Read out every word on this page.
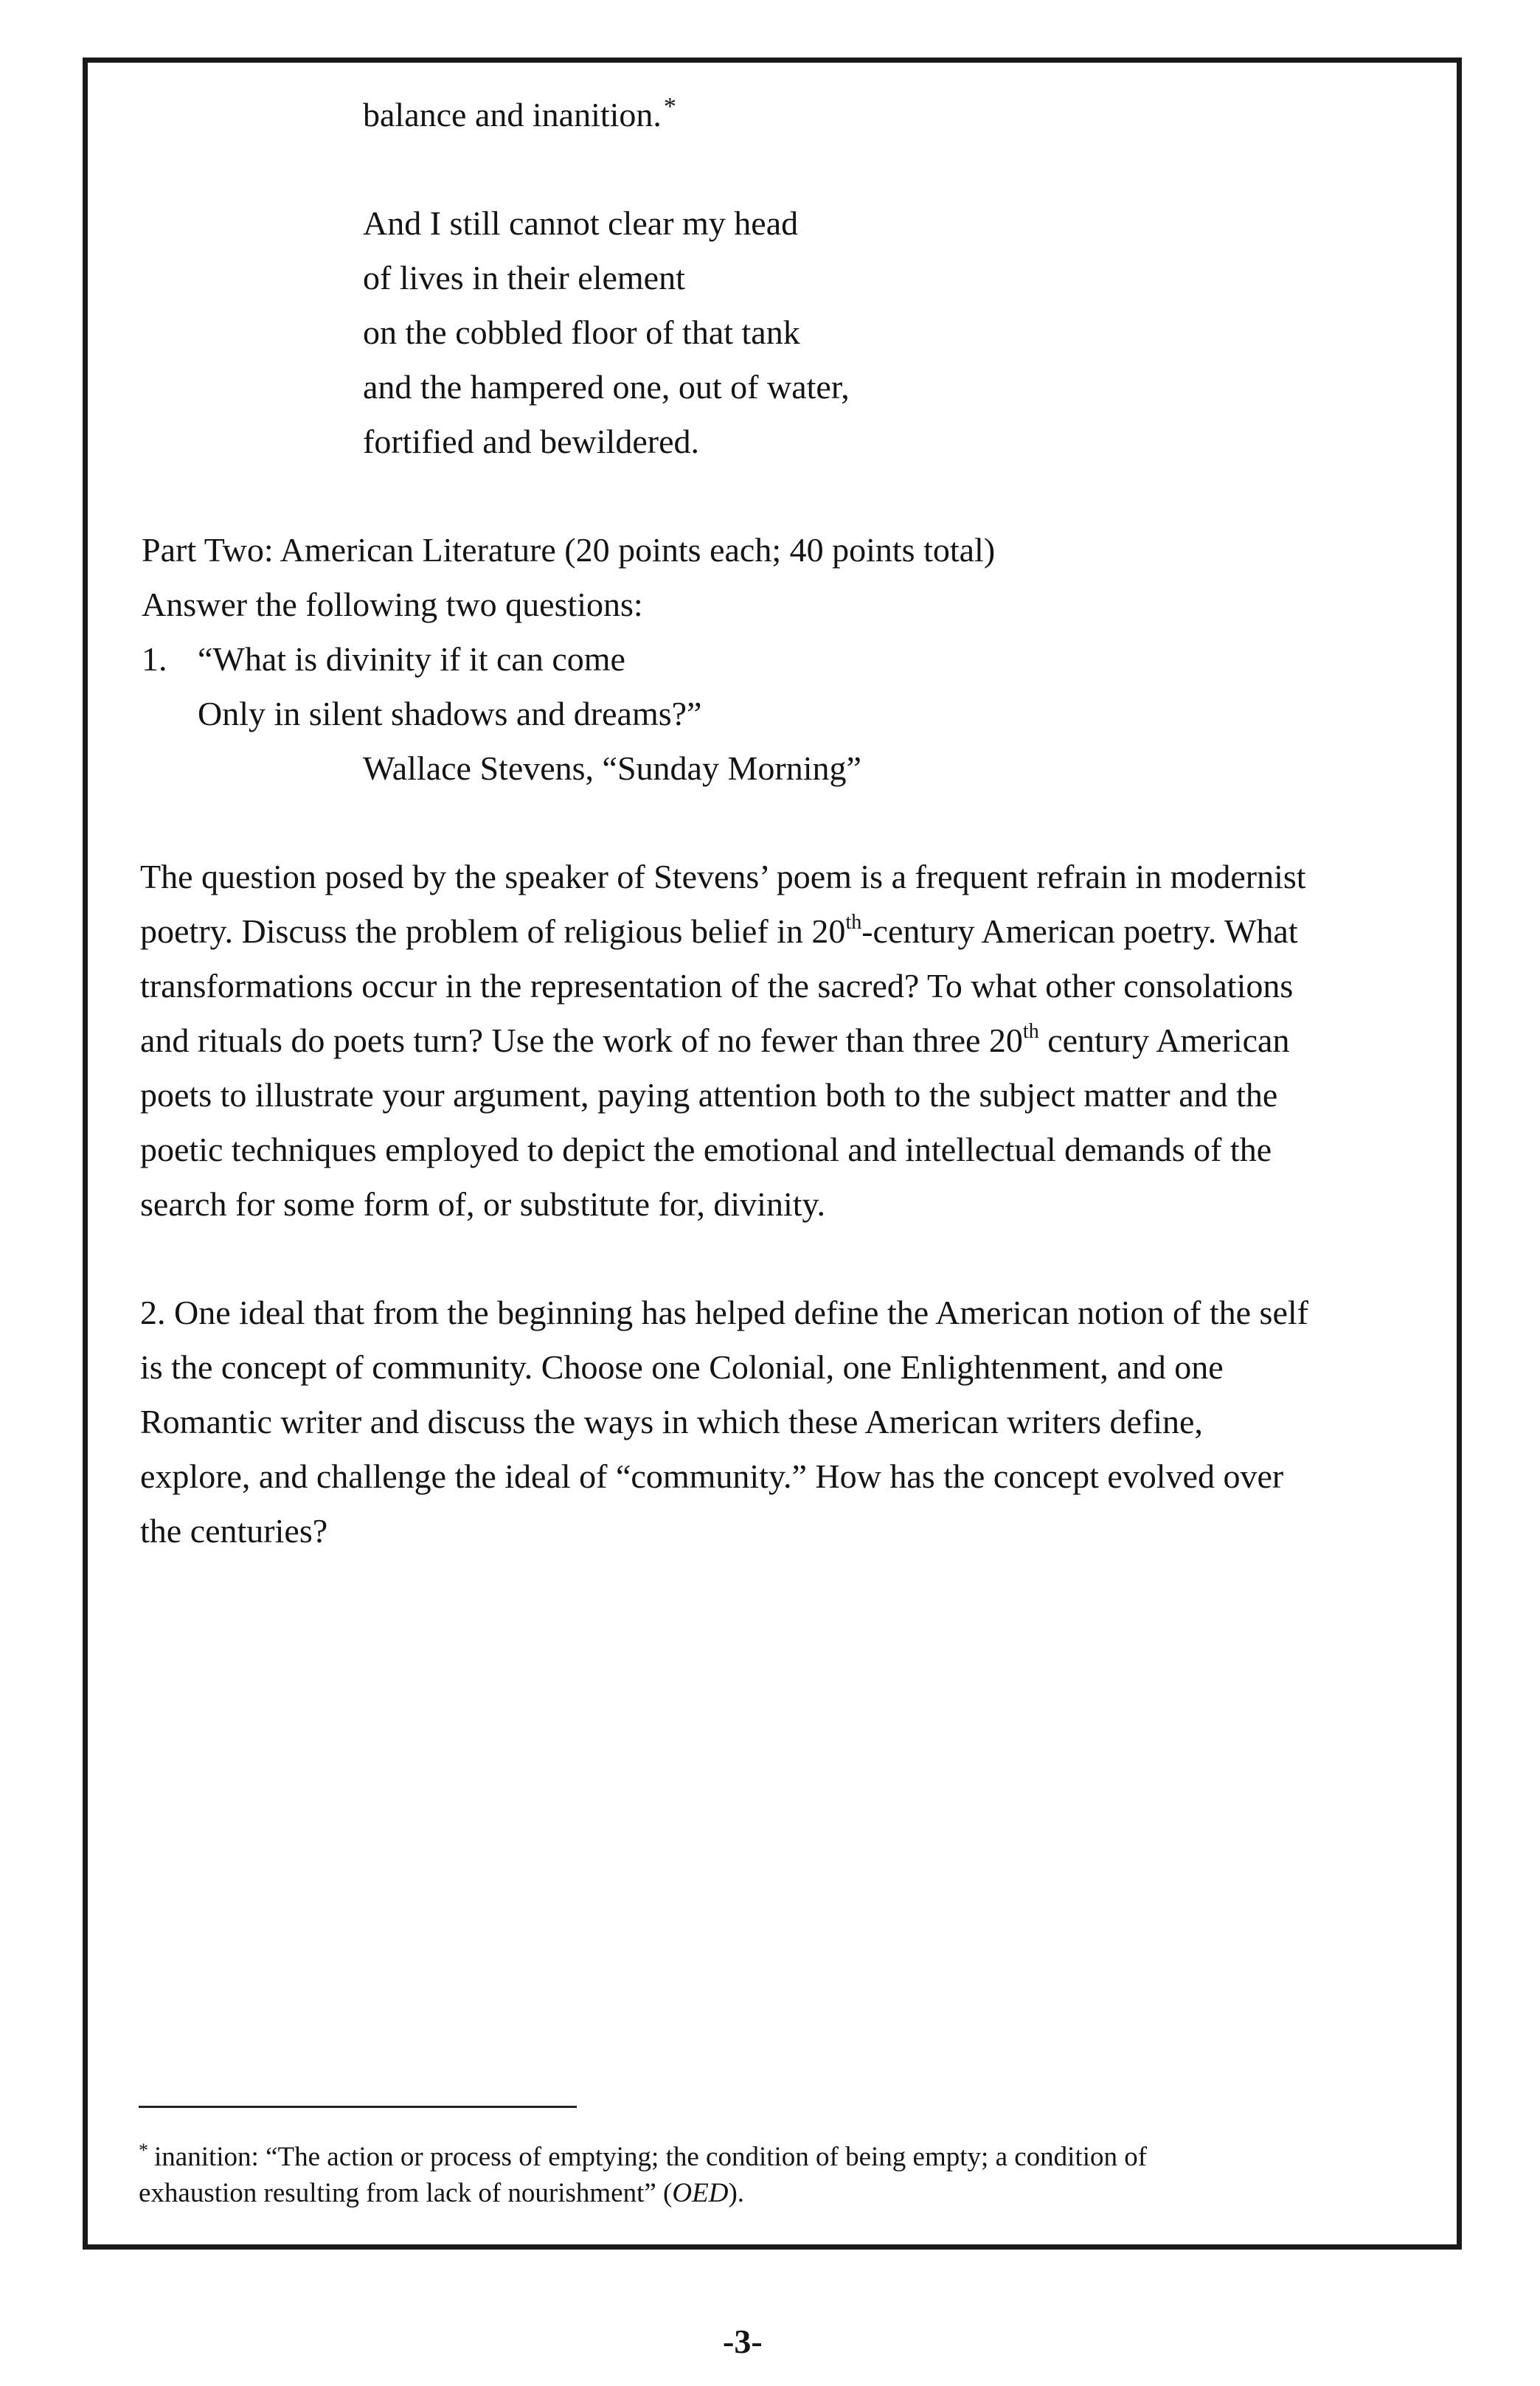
balance and inanition.*
And I still cannot clear my head
of lives in their element
on the cobbled floor of that tank
and the hampered one, out of water,
fortified and bewildered.
Part Two: American Literature (20 points each; 40 points total)
Answer the following two questions:
1. “What is divinity if it can come
Only in silent shadows and dreams?”
Wallace Stevens, “Sunday Morning”
The question posed by the speaker of Stevens’ poem is a frequent refrain in modernist
poetry. Discuss the problem of religious belief in 20th-century American poetry. What
transformations occur in the representation of the sacred? To what other consolations
and rituals do poets turn? Use the work of no fewer than three 20th century American
poets to illustrate your argument, paying attention both to the subject matter and the
poetic techniques employed to depict the emotional and intellectual demands of the
search for some form of, or substitute for, divinity.
2. One ideal that from the beginning has helped define the American notion of the self
is the concept of community. Choose one Colonial, one Enlightenment, and one
Romantic writer and discuss the ways in which these American writers define,
explore, and challenge the ideal of “community.” How has the concept evolved over
the centuries?
* inanition: “The action or process of emptying; the condition of being empty; a condition of
exhaustion resulting from lack of nourishment” (OED).
-3-
